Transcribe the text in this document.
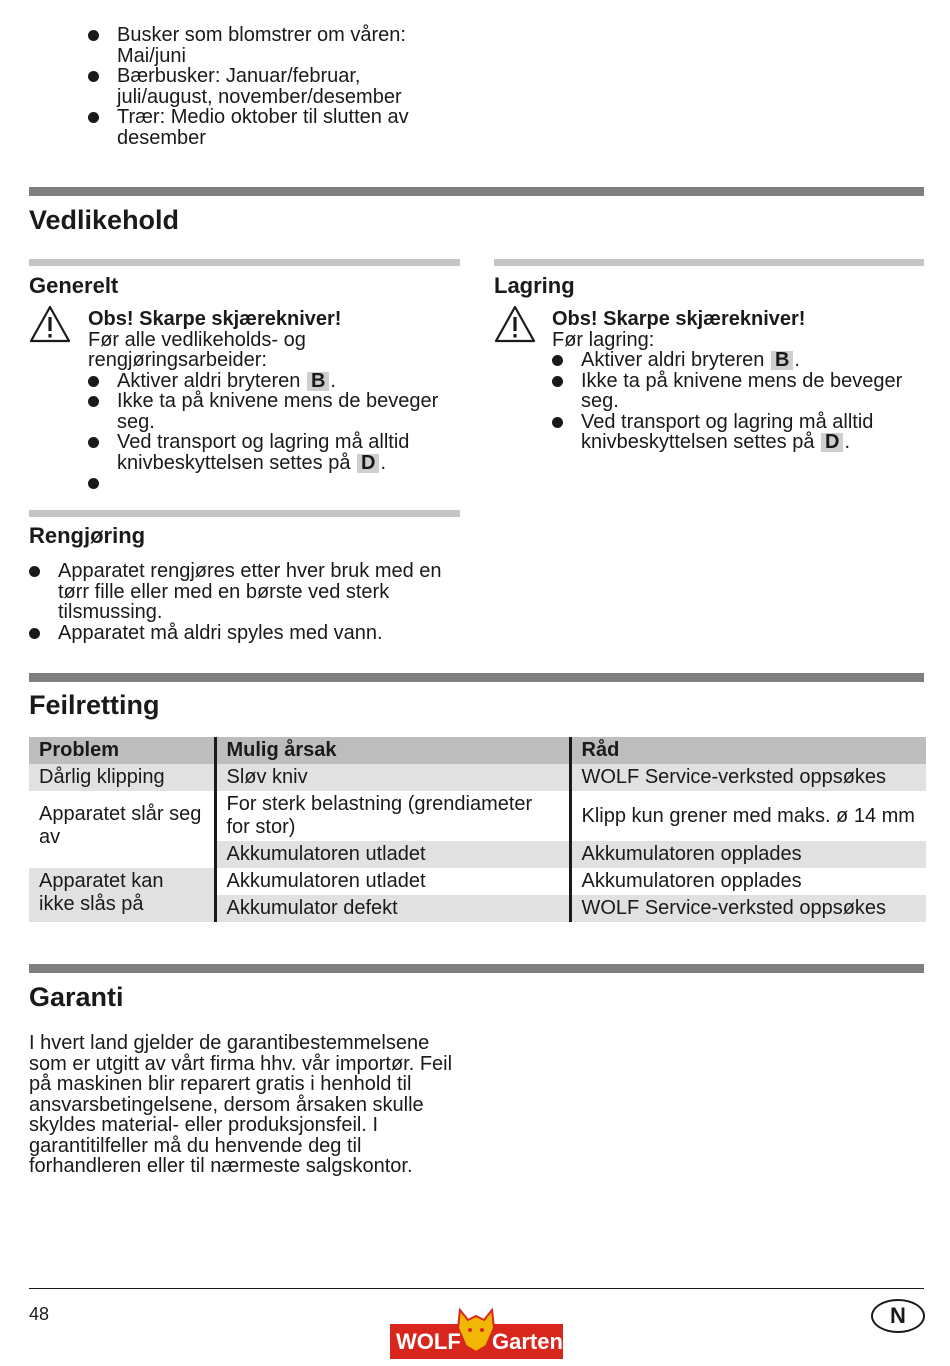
Busker som blomstrer om våren: Mai/juni
Bærbusker: Januar/februar, juli/august, november/desember
Trær: Medio oktober til slutten av desember
Vedlikehold
Generelt
Obs! Skarpe skjærekniver!
Før alle vedlikeholds- og rengjøringsarbeider:
Aktiver aldri bryteren B .
Ikke ta på knivene mens de beveger seg.
Ved transport og lagring må alltid knivbeskyttelsen settes på D .
Lagring
Obs! Skarpe skjærekniver!
Før lagring:
Aktiver aldri bryteren B .
Ikke ta på knivene mens de beveger seg.
Ved transport og lagring må alltid knivbeskyttelsen settes på D .
Rengjøring
Apparatet rengjøres etter hver bruk med en tørr fille eller med en børste ved sterk tilsmussing.
Apparatet må aldri spyles med vann.
Feilretting
Problem	Mulig årsak	Råd
Dårlig klipping	Sløv kniv	WOLF Service-verksted oppsøkes
Apparatet slår seg av	For sterk belastning (grendiameter for stor)	Klipp kun grener med maks. ø 14 mm
	Akkumulatoren utladet	Akkumulatoren opplades
Apparatet kan ikke slås på	Akkumulatoren utladet	Akkumulatoren opplades
	Akkumulator defekt	WOLF Service-verksted oppsøkes
Garanti
I hvert land gjelder de garantibestemmelsene som er utgitt av vårt firma hhv. vår importør. Feil på maskinen blir reparert gratis i henhold til ansvarsbetingelsene, dersom årsaken skulle skyldes material- eller produksjonsfeil. I garantitilfeller må du henvende deg til forhandleren eller til nærmeste salgskontor.
48
WOLF Garten
N
